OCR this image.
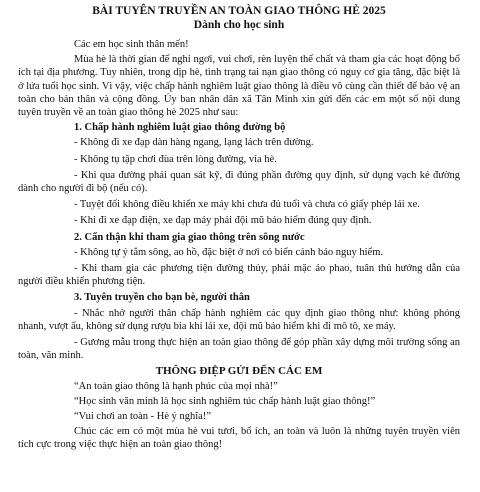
BÀI TUYÊN TRUYỀN AN TOÀN GIAO THÔNG HÈ 2025
Dành cho học sinh

Các em học sinh thân mến!

Mùa hè là thời gian để nghỉ ngơi, vui chơi, rèn luyện thể chất và tham gia các hoạt động bổ ích tại địa phương. Tuy nhiên, trong dịp hè, tình trạng tai nạn giao thông có nguy cơ gia tăng, đặc biệt là ở lứa tuổi học sinh. Vì vậy, việc chấp hành nghiêm luật giao thông là điều vô cùng cần thiết để bảo vệ an toàn cho bản thân và cộng đồng. Ủy ban nhân dân xã Tân Minh xin gửi đến các em một số nội dung tuyên truyền về an toàn giao thông hè 2025 như sau:

1. Chấp hành nghiêm luật giao thông đường bộ

- Không đi xe đạp dàn hàng ngang, lạng lách trên đường.

- Không tụ tập chơi đùa trên lòng đường, vỉa hè.

- Khi qua đường phải quan sát kỹ, đi đúng phần đường quy định, sử dụng vạch kẻ đường dành cho người đi bộ (nếu có).

- Tuyệt đối không điều khiển xe máy khi chưa đủ tuổi và chưa có giấy phép lái xe.

- Khi đi xe đạp điện, xe đạp máy phải đội mũ bảo hiểm đúng quy định.

2. Cẩn thận khi tham gia giao thông trên sông nước

- Không tự ý tắm sông, ao hồ, đặc biệt ở nơi có biển cảnh báo nguy hiểm.

- Khi tham gia các phương tiện đường thủy, phải mặc áo phao, tuân thủ hướng dẫn của người điều khiển phương tiện.

3. Tuyên truyền cho bạn bè, người thân

- Nhắc nhở người thân chấp hành nghiêm các quy định giao thông như: không phóng nhanh, vượt ẩu, không sử dụng rượu bia khi lái xe, đội mũ bảo hiểm khi đi mô tô, xe máy.

- Gương mẫu trong thực hiện an toàn giao thông để góp phần xây dựng môi trường sống an toàn, văn minh.

THÔNG ĐIỆP GỬI ĐẾN CÁC EM

“An toàn giao thông là hạnh phúc của mọi nhà!”

“Học sinh văn minh là học sinh nghiêm túc chấp hành luật giao thông!”

“Vui chơi an toàn - Hè ý nghĩa!”

Chúc các em có một mùa hè vui tươi, bổ ích, an toàn và luôn là những tuyên truyền viên tích cực trong việc thực hiện an toàn giao thông!
